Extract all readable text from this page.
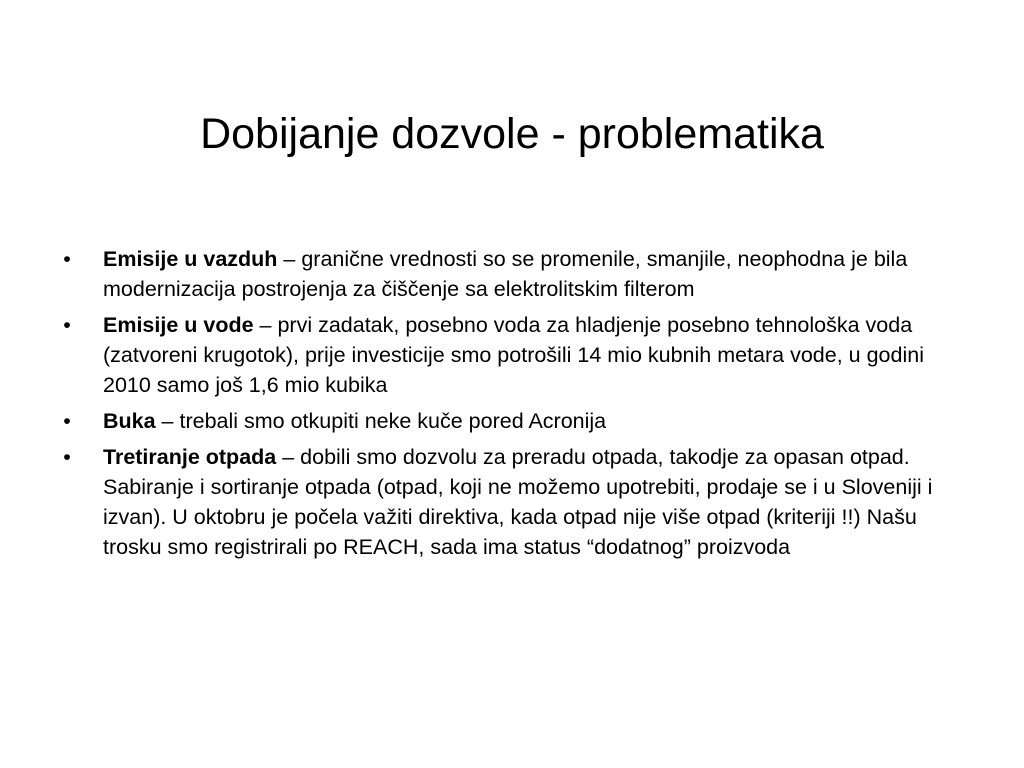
Dobijanje dozvole - problematika
• Emisije u vazduh – granične vrednosti so se promenile, smanjile, neophodna je bila modernizacija postrojenja za čiščenje sa elektrolitskim filterom
• Emisije u vode – prvi zadatak, posebno voda za hladjenje posebno tehnološka voda (zatvoreni krugotok), prije investicije smo potrošili 14 mio kubnih metara vode, u godini 2010 samo još 1,6 mio kubika
• Buka – trebali smo otkupiti neke kuče pored Acronija
• Tretiranje otpada – dobili smo dozvolu za preradu otpada, takodje za opasan otpad. Sabiranje i sortiranje otpada (otpad, koji ne možemo upotrebiti, prodaje se i u Sloveniji i izvan). U oktobru je počela važiti direktiva, kada otpad nije više otpad (kriteriji !!) Našu trosku smo registrirali po REACH, sada ima status “dodatnog” proizvoda
